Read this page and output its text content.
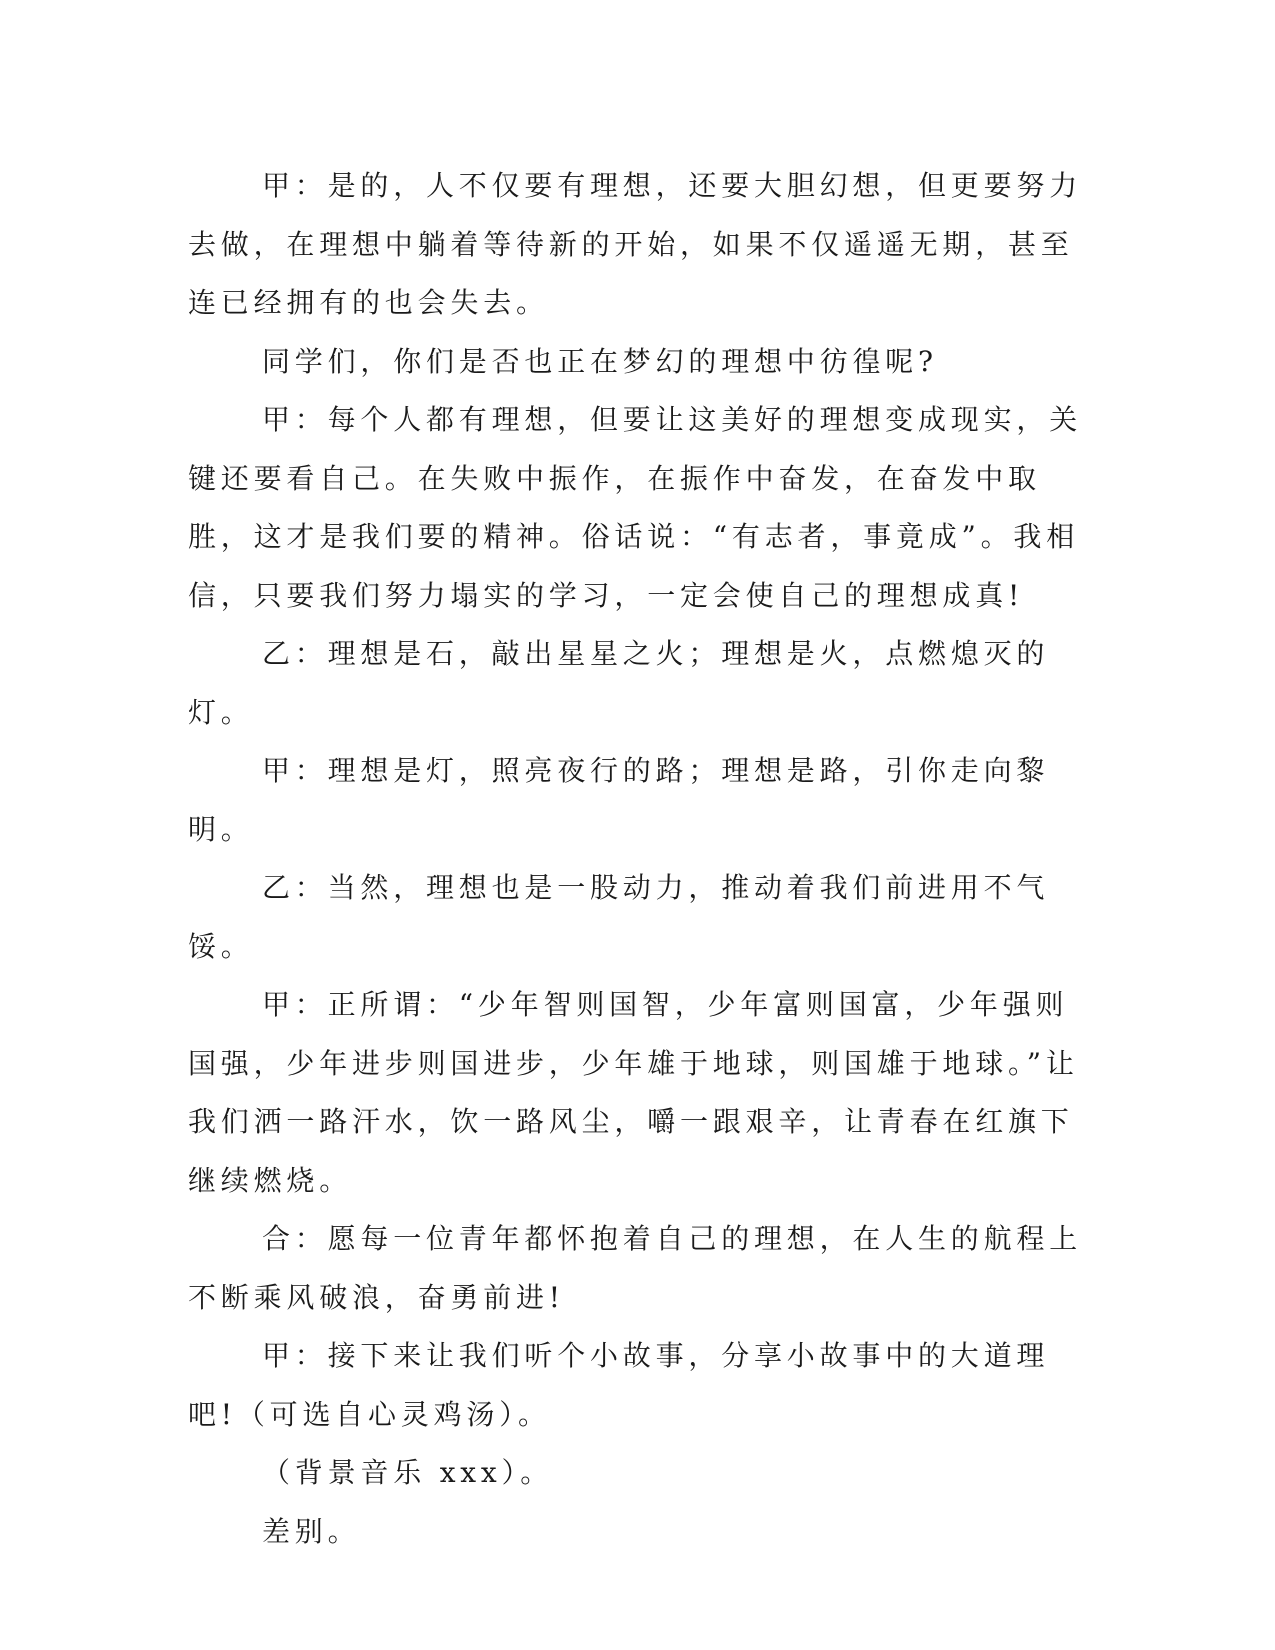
甲：是的，人不仅要有理想，还要大胆幻想，但更要努力去做，在理想中躺着等待新的开始，如果不仅遥遥无期，甚至连已经拥有的也会失去。

同学们，你们是否也正在梦幻的理想中彷徨呢?

甲：每个人都有理想，但要让这美好的理想变成现实，关键还要看自己。在失败中振作，在振作中奋发，在奋发中取胜，这才是我们要的精神。俗话说：“有志者，事竟成”。我相信，只要我们努力塌实的学习，一定会使自己的理想成真!

乙：理想是石，敲出星星之火；理想是火，点燃熄灭的灯。

甲：理想是灯，照亮夜行的路；理想是路，引你走向黎明。

乙：当然，理想也是一股动力，推动着我们前进用不气馁。

甲：正所谓：“少年智则国智，少年富则国富，少年强则国强，少年进步则国进步，少年雄于地球，则国雄于地球。”让我们洒一路汗水，饮一路风尘，嚼一跟艰辛，让青春在红旗下继续燃烧。

合：愿每一位青年都怀抱着自己的理想，在人生的航程上不断乘风破浪，奋勇前进!

甲：接下来让我们听个小故事，分享小故事中的大道理吧!（可选自心灵鸡汤）。

（背景音乐 xxx）。

差别。
